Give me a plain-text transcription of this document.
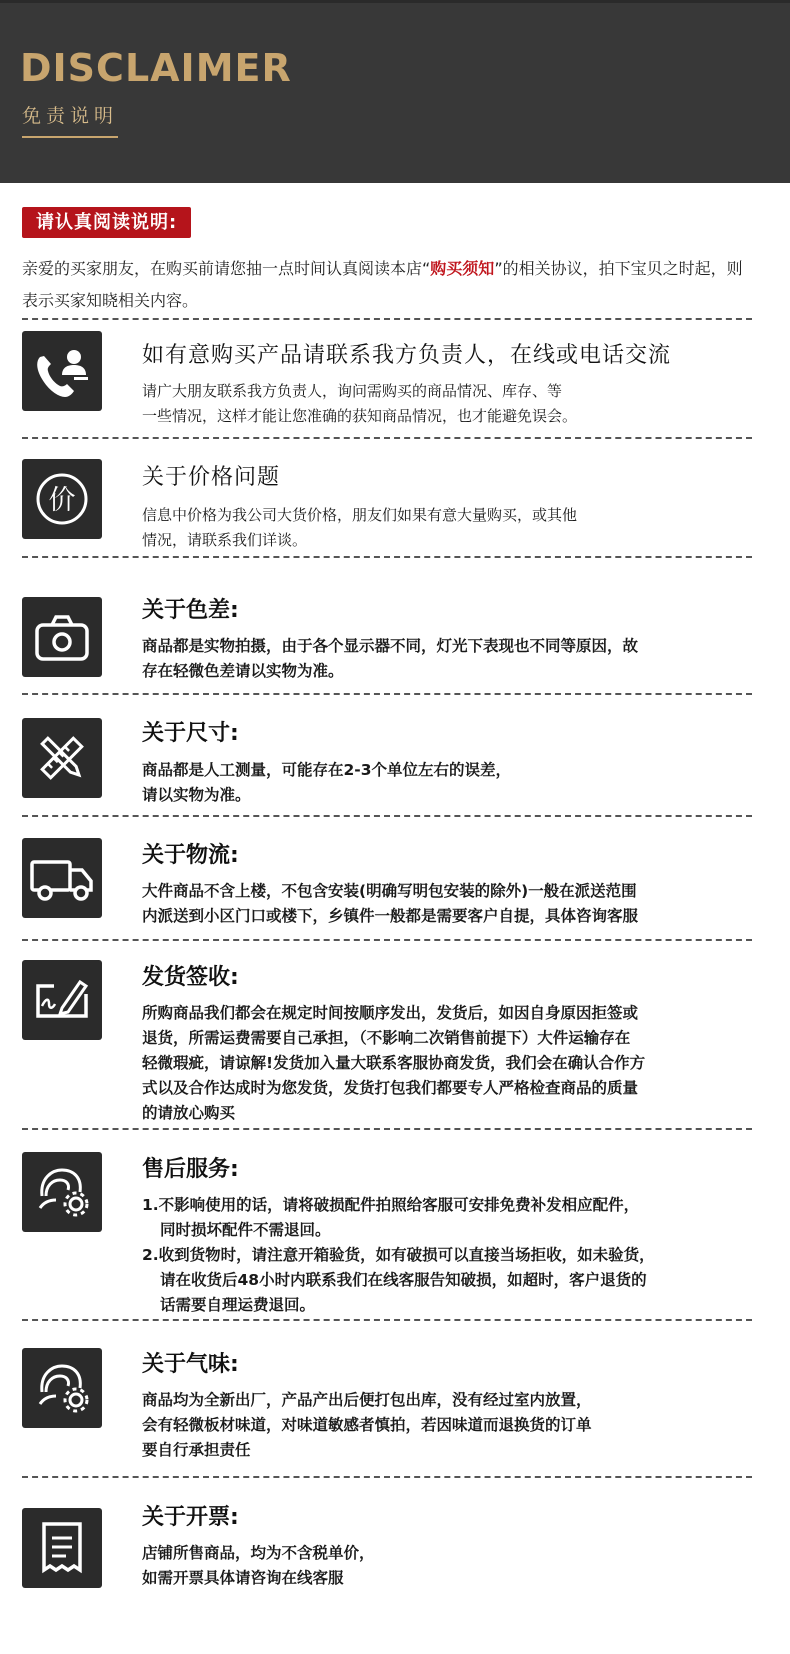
DISCLAIMER
免责说明
请认真阅读说明:
亲爱的买家朋友，在购买前请您抽一点时间认真阅读本店“购买须知”的相关协议，拍下宝贝之时起，则表示买家知晓相关内容。
如有意购买产品请联系我方负责人，在线或电话交流

请广大朋友联系我方负责人，询问需购买的商品情况、库存、等

一些情况，这样才能让您准确的获知商品情况，也才能避免误会。

价
关于价格问题

信息中价格为我公司大货价格，朋友们如果有意大量购买，或其他

情况，请联系我们详谈。

关于色差:

商品都是实物拍摄，由于各个显示器不同，灯光下表现也不同等原因，故

存在轻微色差请以实物为准。

关于尺寸:

商品都是人工测量，可能存在2-3个单位左右的误差，

请以实物为准。

关于物流:

大件商品不含上楼，不包含安装(明确写明包安装的除外)一般在派送范围

内派送到小区门口或楼下，乡镇件一般都是需要客户自提，具体咨询客服

发货签收:

所购商品我们都会在规定时间按顺序发出，发货后，如因自身原因拒签或

退货，所需运费需要自己承担，（不影响二次销售前提下）大件运输存在

轻微瑕疵，请谅解!发货加入量大联系客服协商发货，我们会在确认合作方

式以及合作达成时为您发货，发货打包我们都要专人严格检查商品的质量

的请放心购买

售后服务:

1.不影响使用的话，请将破损配件拍照给客服可安排免费补发相应配件，

同时损坏配件不需退回。

2.收到货物时，请注意开箱验货，如有破损可以直接当场拒收，如未验货，

请在收货后48小时内联系我们在线客服告知破损，如超时，客户退货的

话需要自理运费退回。

关于气味:

商品均为全新出厂，产品产出后便打包出库，没有经过室内放置，

会有轻微板材味道，对味道敏感者慎拍，若因味道而退换货的订单

要自行承担责任

关于开票:

店铺所售商品，均为不含税单价，

如需开票具体请咨询在线客服
